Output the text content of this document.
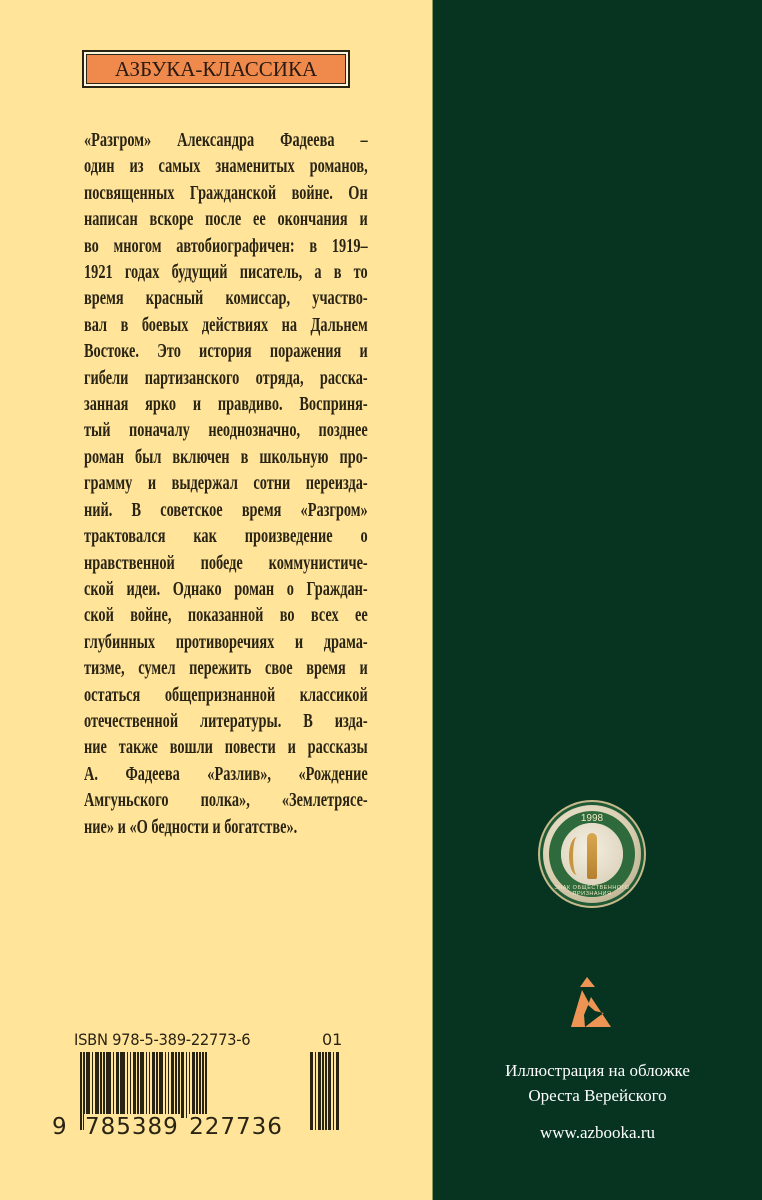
АЗБУКА-КЛАССИКА
«Разгром» Александра Фадеева –
один из самых знаменитых романов,
посвященных Гражданской войне. Он
написан вскоре после ее окончания и
во многом автобиографичен: в 1919–
1921 годах будущий писатель, а в то
время красный комиссар, участво-
вал в боевых действиях на Дальнем
Востоке. Это история поражения и
гибели партизанского отряда, расска-
занная ярко и правдиво. Восприня-
тый поначалу неоднозначно, позднее
роман был включен в школьную про-
грамму и выдержал сотни переизда-
ний. В советское время «Разгром»
трактовался как произведение о
нравственной победе коммунистиче-
ской идеи. Однако роман о Граждан-
ской войне, показанной во всех ее
глубинных противоречиях и драма-
тизме, сумел пережить свое время и
остаться общепризнанной классикой
отечественной литературы. В изда-
ние также вошли повести и рассказы
А. Фадеева «Разлив», «Рождение
Амгуньского полка», «Землетрясе-
ние» и «О бедности и богатстве».
ISBN 978-5-389-22773-6	01
9 785389 227736
1998
ЗНАК ОБЩЕСТВЕННОГО ПРИЗНАНИЯ
Иллюстрация на обложке
Ореста Верейского
www.azbooka.ru
